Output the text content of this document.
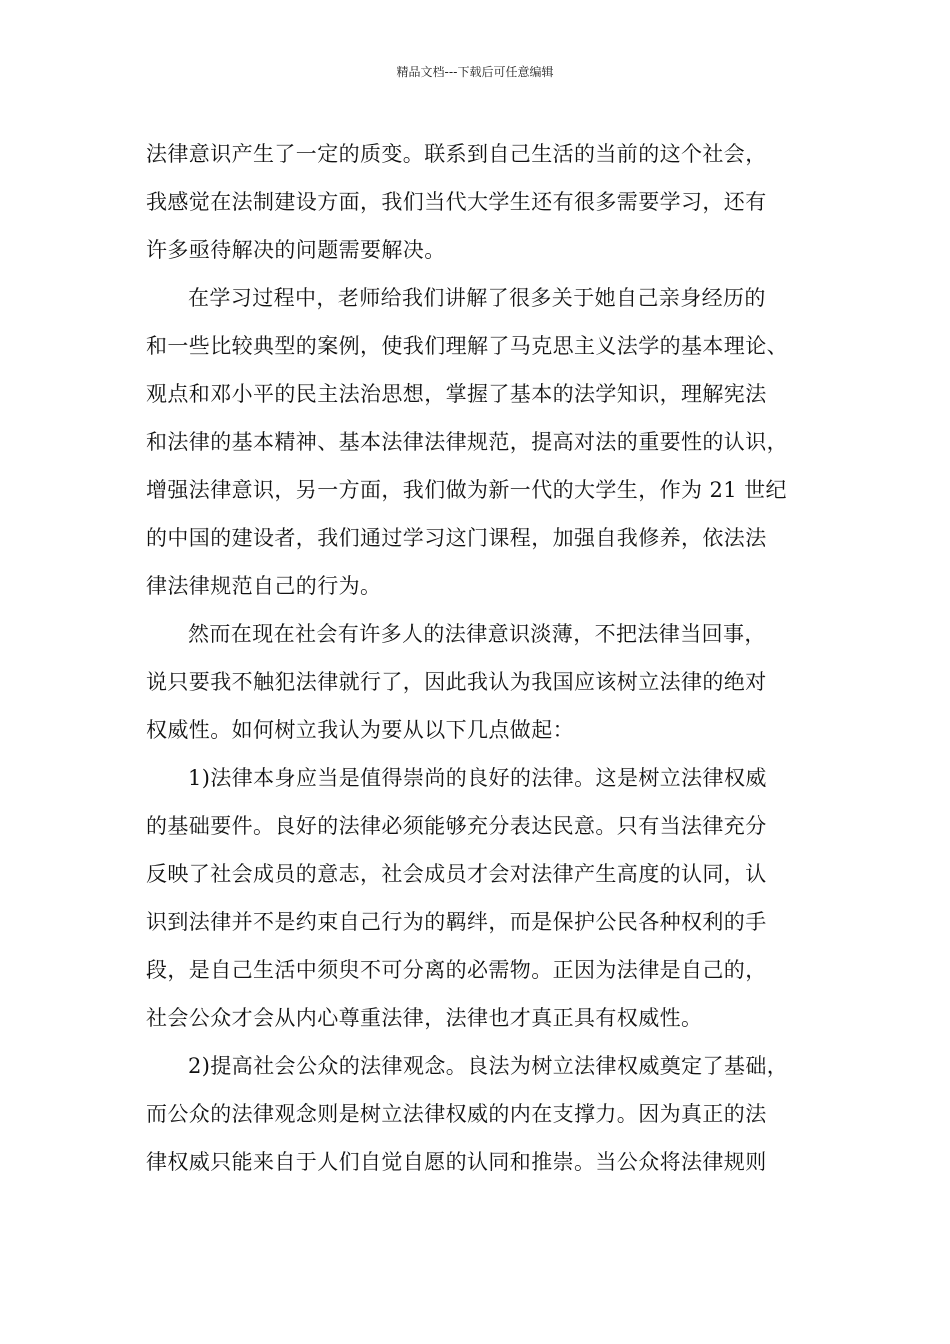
精品文档---下载后可任意编辑
法律意识产生了一定的质变。联系到自己生活的当前的这个社会，
我感觉在法制建设方面，我们当代大学生还有很多需要学习，还有
许多亟待解决的问题需要解决。
在学习过程中，老师给我们讲解了很多关于她自己亲身经历的
和一些比较典型的案例，使我们理解了马克思主义法学的基本理论、
观点和邓小平的民主法治思想，掌握了基本的法学知识，理解宪法
和法律的基本精神、基本法律法律规范，提高对法的重要性的认识，
增强法律意识，另一方面，我们做为新一代的大学生，作为 21 世纪
的中国的建设者，我们通过学习这门课程，加强自我修养，依法法
律法律规范自己的行为。
然而在现在社会有许多人的法律意识淡薄，不把法律当回事，
说只要我不触犯法律就行了，因此我认为我国应该树立法律的绝对
权威性。如何树立我认为要从以下几点做起：
1)法律本身应当是值得崇尚的良好的法律。这是树立法律权威
的基础要件。良好的法律必须能够充分表达民意。只有当法律充分
反映了社会成员的意志，社会成员才会对法律产生高度的认同，认
识到法律并不是约束自己行为的羁绊，而是保护公民各种权利的手
段，是自己生活中须臾不可分离的必需物。正因为法律是自己的，
社会公众才会从内心尊重法律，法律也才真正具有权威性。
2)提高社会公众的法律观念。良法为树立法律权威奠定了基础，
而公众的法律观念则是树立法律权威的内在支撑力。因为真正的法
律权威只能来自于人们自觉自愿的认同和推崇。当公众将法律规则
